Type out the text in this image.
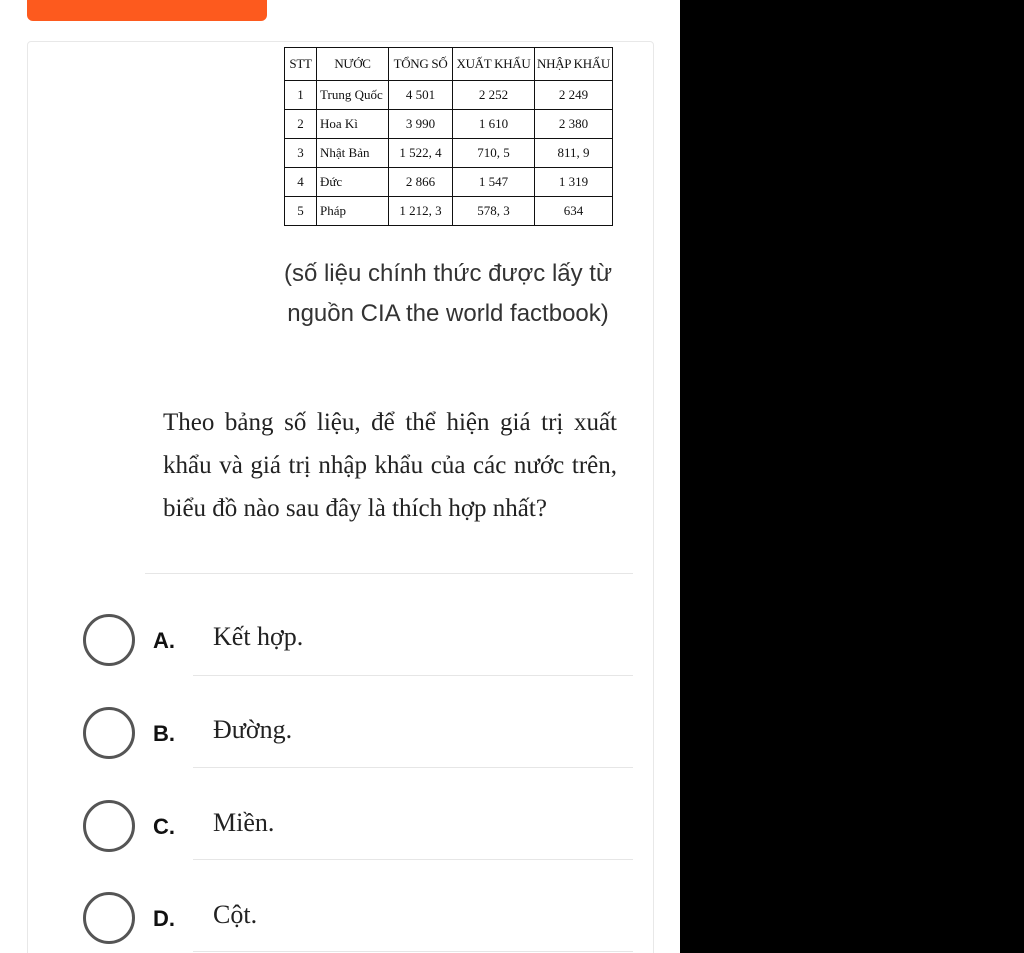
STT	NƯỚC	TỔNG SỐ	XUẤT KHẨU	NHẬP KHẨU
1	Trung Quốc	4 501	2 252	2 249
2	Hoa Kì	3 990	1 610	2 380
3	Nhật Bản	1 522, 4	710, 5	811, 9
4	Đức	2 866	1 547	1 319
5	Pháp	1 212, 3	578, 3	634
(số liệu chính thức được lấy từ nguồn CIA the world factbook)
Theo bảng số liệu, để thể hiện giá trị xuất khẩu và giá trị nhập khẩu của các nước trên, biểu đồ nào sau đây là thích hợp nhất?
A. Kết hợp.
B. Đường.
C. Miền.
D. Cột.
